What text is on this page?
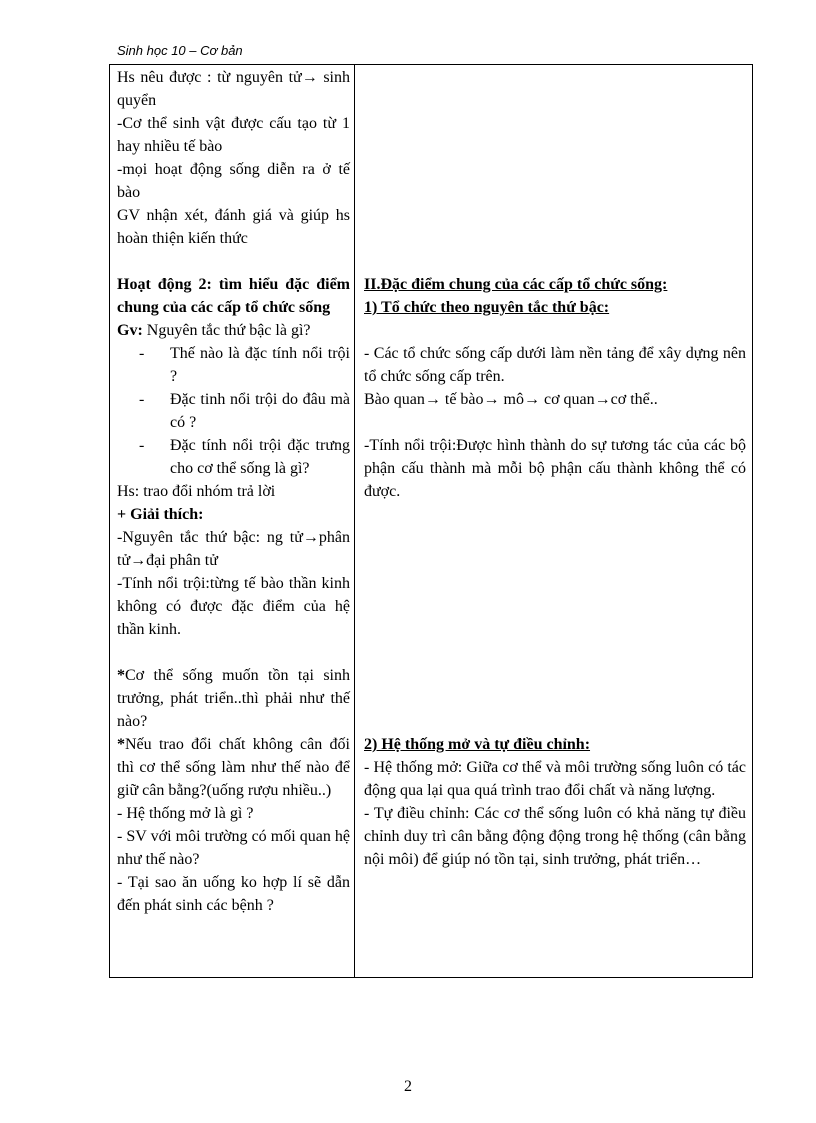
Sinh học 10 – Cơ bản

Hs nêu được : từ nguyên tử→ sinh quyển

-Cơ thể sinh vật được cấu tạo từ 1 hay nhiều tế bào

-mọi hoạt động sống diễn ra ở tế bào

GV nhận xét, đánh giá và giúp hs hoàn thiện kiến thức

Hoạt động 2: tìm hiểu đặc điểm chung của các cấp tổ chức sống

Gv: Nguyên tắc thứ bậc là gì?

-	Thế nào là đặc tính nổi trội ?
-	Đặc tinh nổi trội do đâu mà có ?
-	Đặc tính nổi trội đặc trưng cho cơ thể sống là gì?

Hs: trao đổi nhóm trả lời

+ Giải thích:

-Nguyên tắc thứ bậc: ng tử→phân tử→đại phân tử

-Tính nổi trội:từng tế bào thần kinh không có được đặc điểm của hệ thần kinh.

*Cơ thể sống muốn tồn tại sinh trưởng, phát triển..thì phải như thế nào?

*Nếu trao đổi chất không cân đối thì cơ thể sống làm như thế nào để giữ cân bằng?(uống rượu nhiều..)

- Hệ thống mở là gì ?

- SV với môi trường có mối quan hệ như thế nào?

- Tại sao ăn uống ko hợp lí sẽ dẫn đến phát sinh các bệnh ?

II.Đặc điểm chung của các cấp tổ chức sống:

1) Tổ chức theo nguyên tắc thứ bậc:

- Các tổ chức sống cấp dưới làm nền tảng để xây dựng nên tổ chức sống cấp trên.

Bào quan→ tế bào→ mô→ cơ quan→cơ thể..

-Tính nổi trội:Được hình thành do sự tương tác của các bộ phận cấu thành mà mỗi bộ phận cấu thành không thể có được.

2) Hệ thống mở và tự điều chỉnh:

- Hệ thống mở: Giữa cơ thể và môi trường sống luôn có tác động qua lại qua quá trình trao đổi chất và năng lượng.

- Tự điều chỉnh: Các cơ thể sống luôn có khả năng tự điều chỉnh duy trì cân bằng động động trong hệ thống (cân bằng nội môi) để giúp nó tồn tại, sinh trưởng, phát triển…

2
